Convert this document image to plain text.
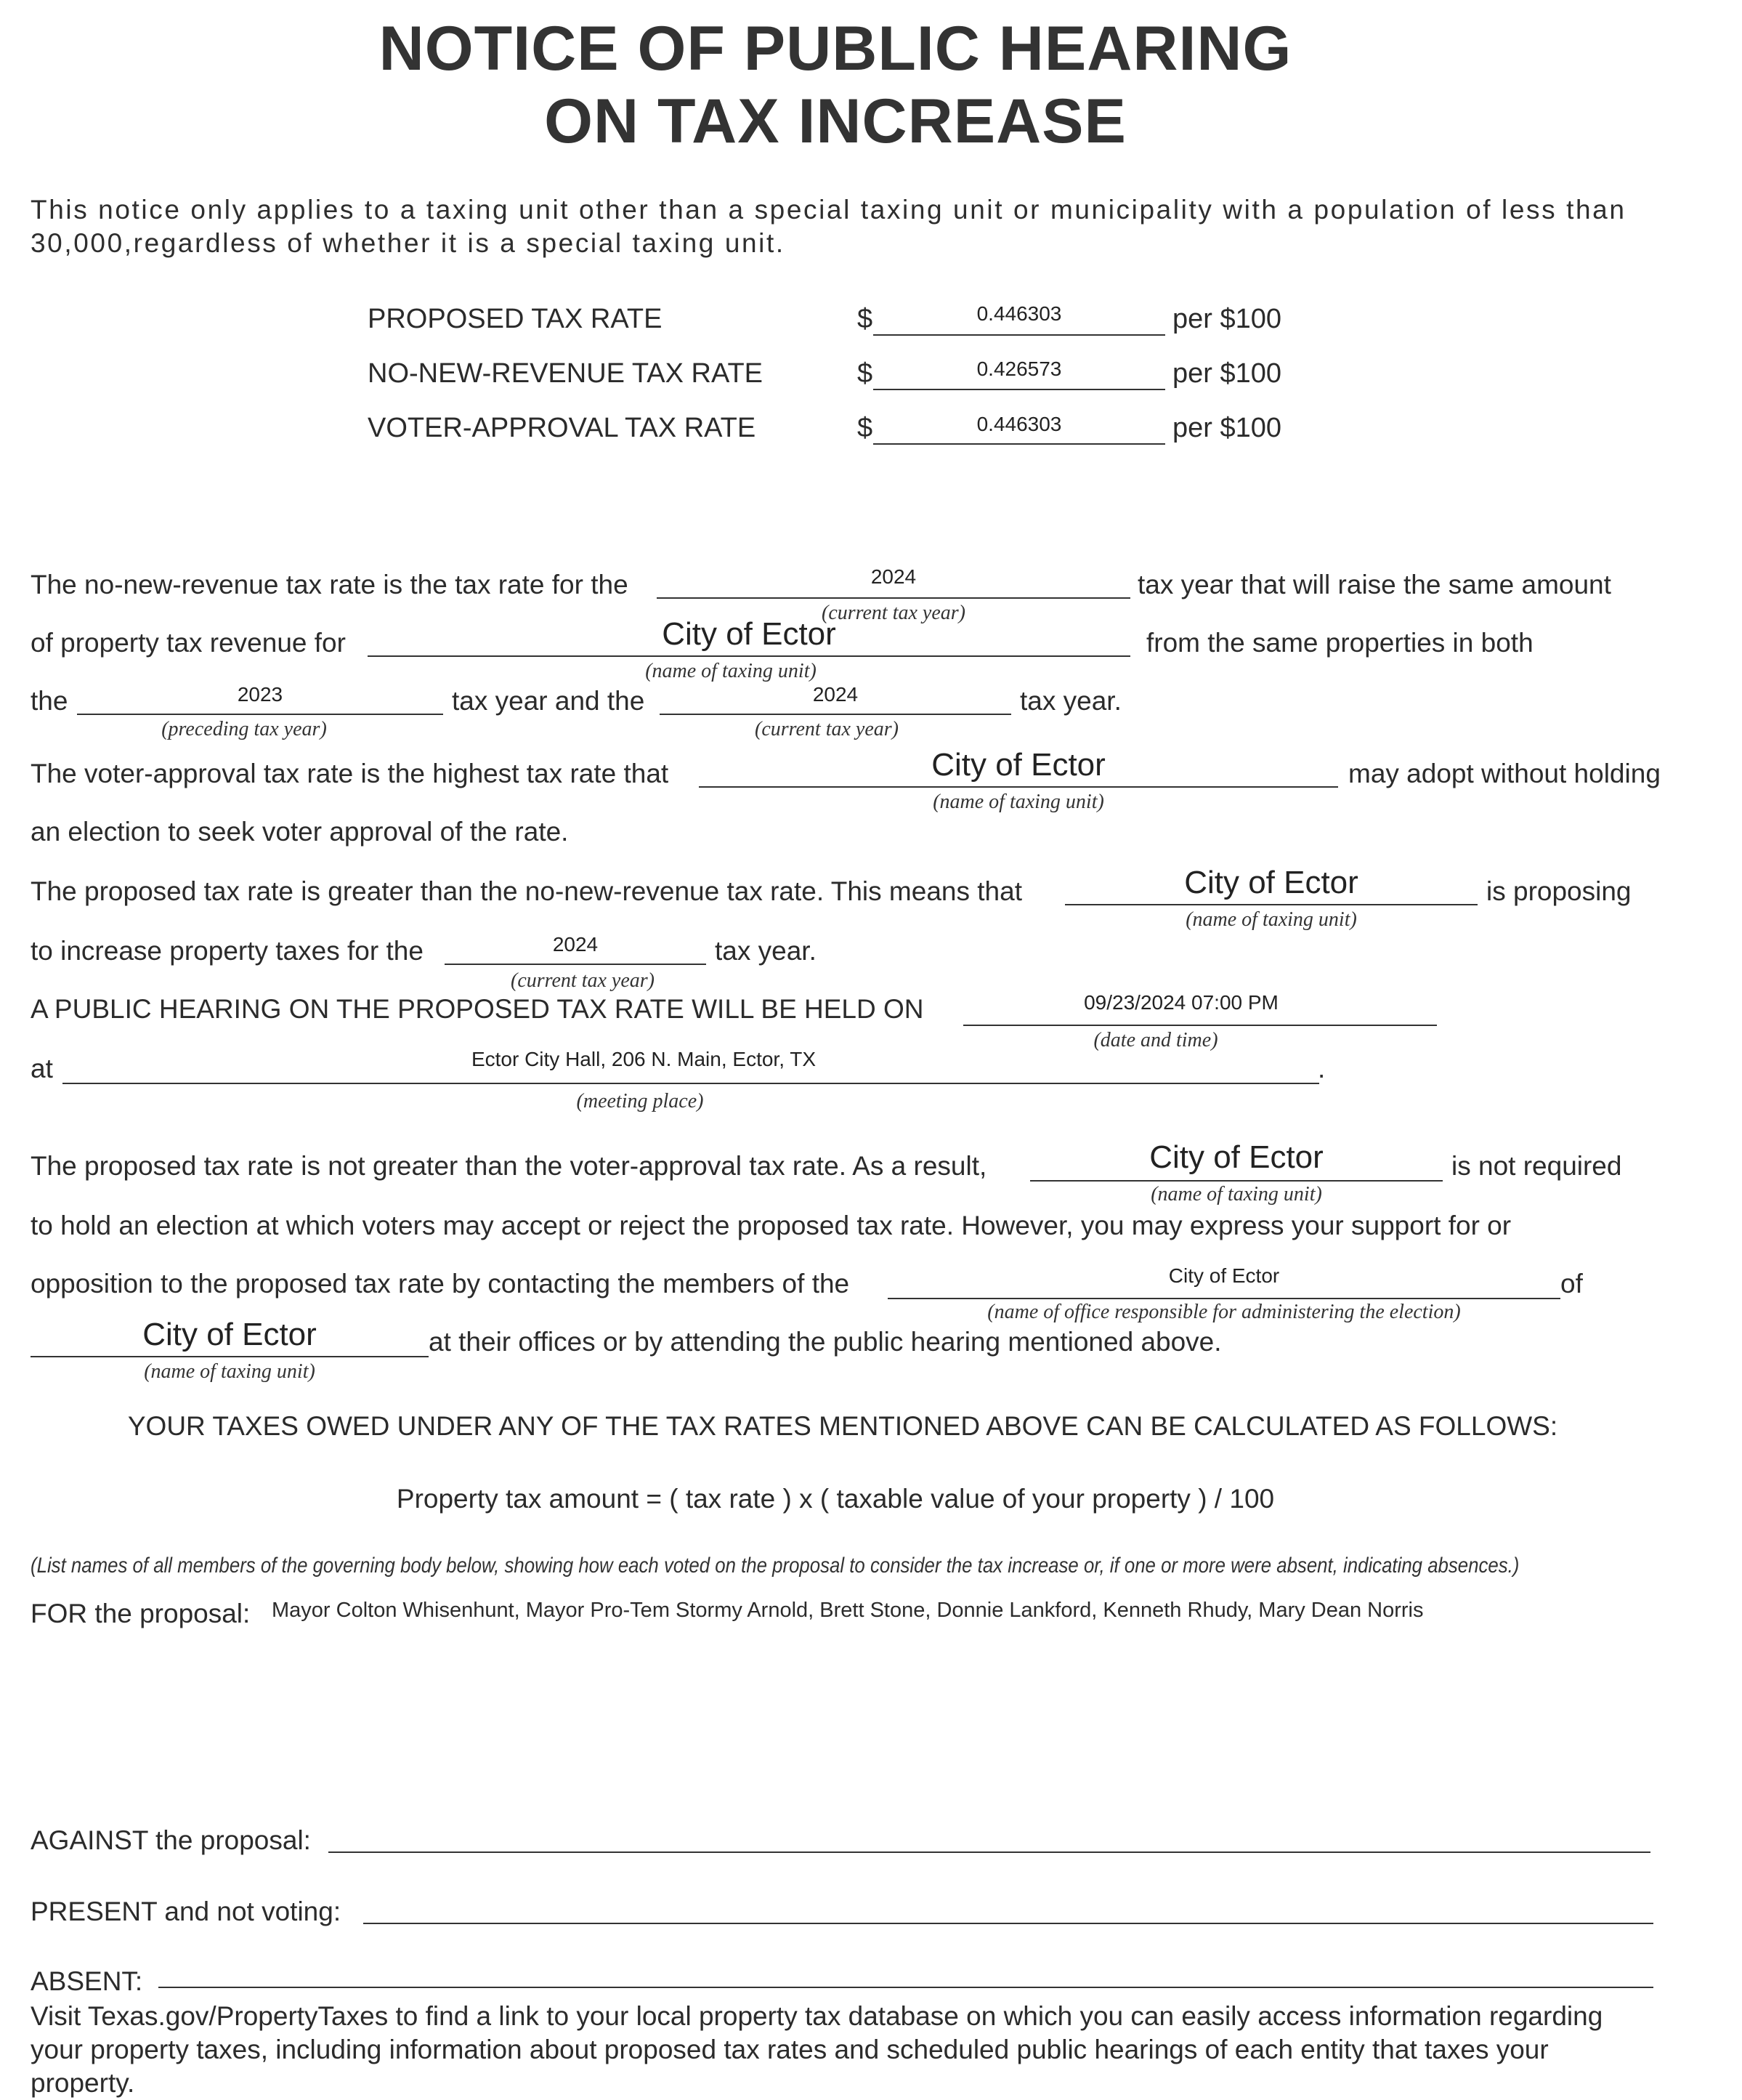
NOTICE OF PUBLIC HEARING
ON TAX INCREASE
This notice only applies to a taxing unit other than a special taxing unit or municipality with a population of less than 30,000,regardless of whether it is a special taxing unit.
PROPOSED TAX RATE	$	0.446303	per $100
NO-NEW-REVENUE TAX RATE	$	0.426573	per $100
VOTER-APPROVAL TAX RATE	$	0.446303	per $100
The no-new-revenue tax rate is the tax rate for the	2024
(current tax year)
tax year that will raise the same amount
of property tax revenue for	City of Ector
(name of taxing unit)
from the same properties in both
the	2023
(preceding tax year)
tax year and the	2024
(current tax year)
tax year.
The voter-approval tax rate is the highest tax rate that	City of Ector
(name of taxing unit)
may adopt without holding
an election to seek voter approval of the rate.
The proposed tax rate is greater than the no-new-revenue tax rate. This means that	City of Ector
(name of taxing unit)
is proposing
to increase property taxes for the	2024
(current tax year)
tax year.
A PUBLIC HEARING ON THE PROPOSED TAX RATE WILL BE HELD ON	09/23/2024 07:00 PM
(date and time)
at	Ector City Hall, 206 N. Main, Ector, TX
(meeting place)
.
The proposed tax rate is not greater than the voter-approval tax rate. As a result,	City of Ector
(name of taxing unit)
is not required
to hold an election at which voters may accept or reject the proposed tax rate. However, you may express your support for or
opposition to the proposed tax rate by contacting the members of the	City of Ector
(name of office responsible for administering the election)
of
City of Ector
(name of taxing unit)
at their offices or by attending the public hearing mentioned above.
YOUR TAXES OWED UNDER ANY OF THE TAX RATES MENTIONED ABOVE CAN BE CALCULATED AS FOLLOWS:
Property tax amount = ( tax rate ) x ( taxable value of your property ) / 100
(List names of all members of the governing body below, showing how each voted on the proposal to consider the tax increase or, if one or more were absent, indicating absences.)
FOR the proposal: Mayor Colton Whisenhunt, Mayor Pro-Tem Stormy Arnold, Brett Stone, Donnie Lankford, Kenneth Rhudy, Mary Dean Norris
AGAINST the proposal:
PRESENT and not voting:
ABSENT:
Visit Texas.gov/PropertyTaxes to find a link to your local property tax database on which you can easily access information regarding your property taxes, including information about proposed tax rates and scheduled public hearings of each entity that taxes your property.
